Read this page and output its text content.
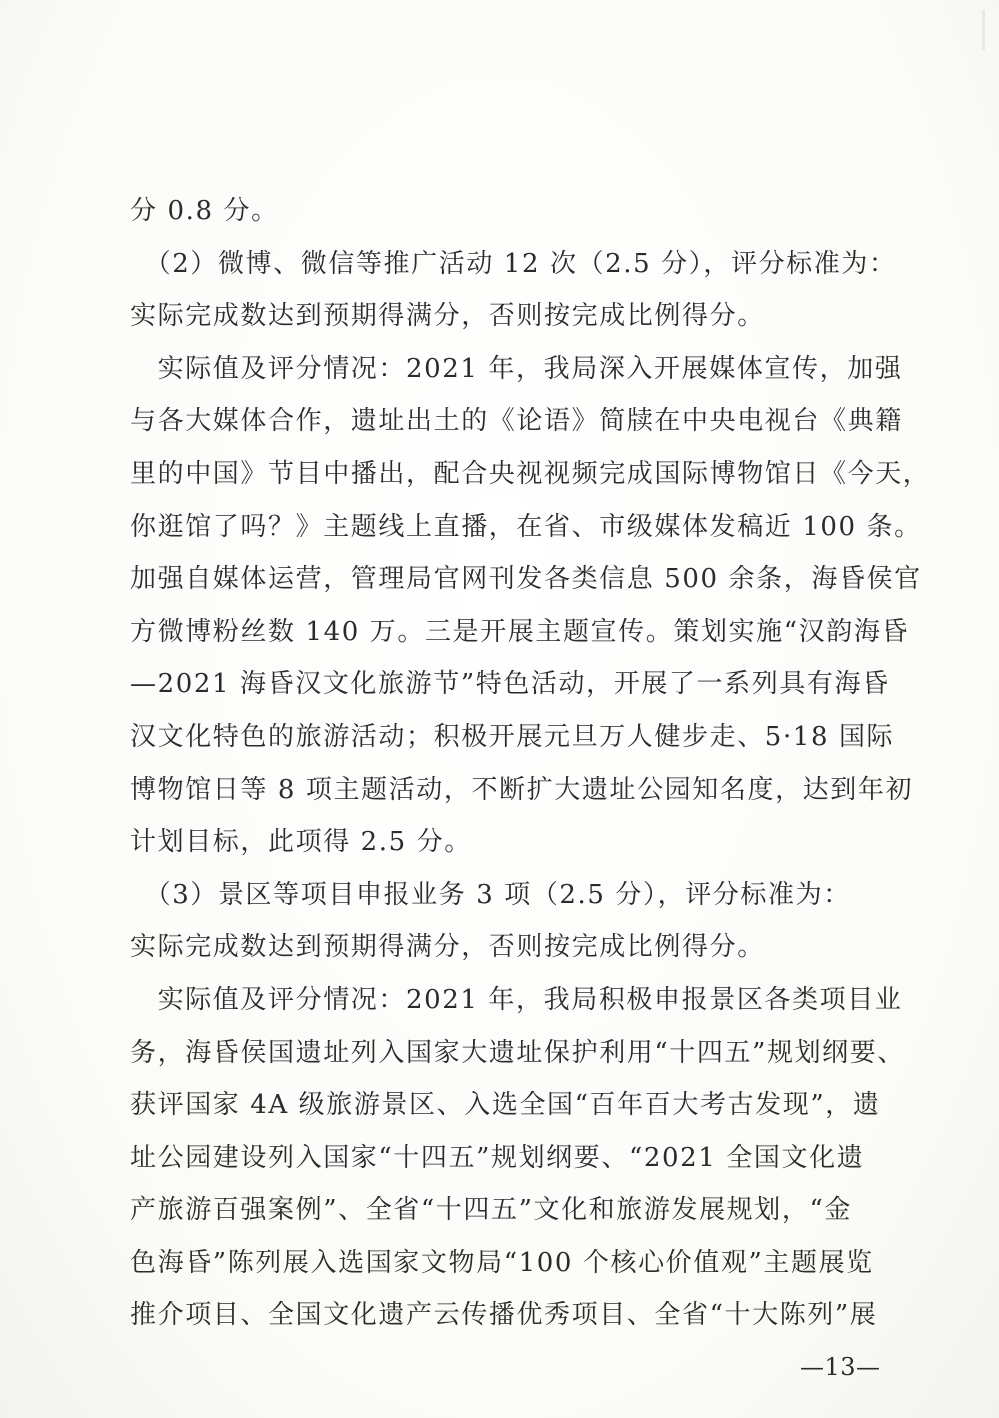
分 0.8 分。
　（2）微博、微信等推广活动 12 次（2.5 分），评分标准为：
实际完成数达到预期得满分，否则按完成比例得分。
　实际值及评分情况：2021 年，我局深入开展媒体宣传，加强
与各大媒体合作，遗址出土的《论语》简牍在中央电视台《典籍
里的中国》节目中播出，配合央视视频完成国际博物馆日《今天，
你逛馆了吗？》主题线上直播，在省、市级媒体发稿近 100 条。
加强自媒体运营，管理局官网刊发各类信息 500 余条，海昏侯官
方微博粉丝数 140 万。三是开展主题宣传。策划实施“汉韵海昏
—2021 海昏汉文化旅游节”特色活动，开展了一系列具有海昏
汉文化特色的旅游活动；积极开展元旦万人健步走、5·18 国际
博物馆日等 8 项主题活动，不断扩大遗址公园知名度，达到年初
计划目标，此项得 2.5 分。
　（3）景区等项目申报业务 3 项（2.5 分），评分标准为：
实际完成数达到预期得满分，否则按完成比例得分。
　实际值及评分情况：2021 年，我局积极申报景区各类项目业
务，海昏侯国遗址列入国家大遗址保护利用“十四五”规划纲要、
获评国家 4A 级旅游景区、入选全国“百年百大考古发现”，遗
址公园建设列入国家“十四五”规划纲要、“2021 全国文化遗
产旅游百强案例”、全省“十四五”文化和旅游发展规划，“金
色海昏”陈列展入选国家文物局“100 个核心价值观”主题展览
推介项目、全国文化遗产云传播优秀项目、全省“十大陈列”展
—13—
